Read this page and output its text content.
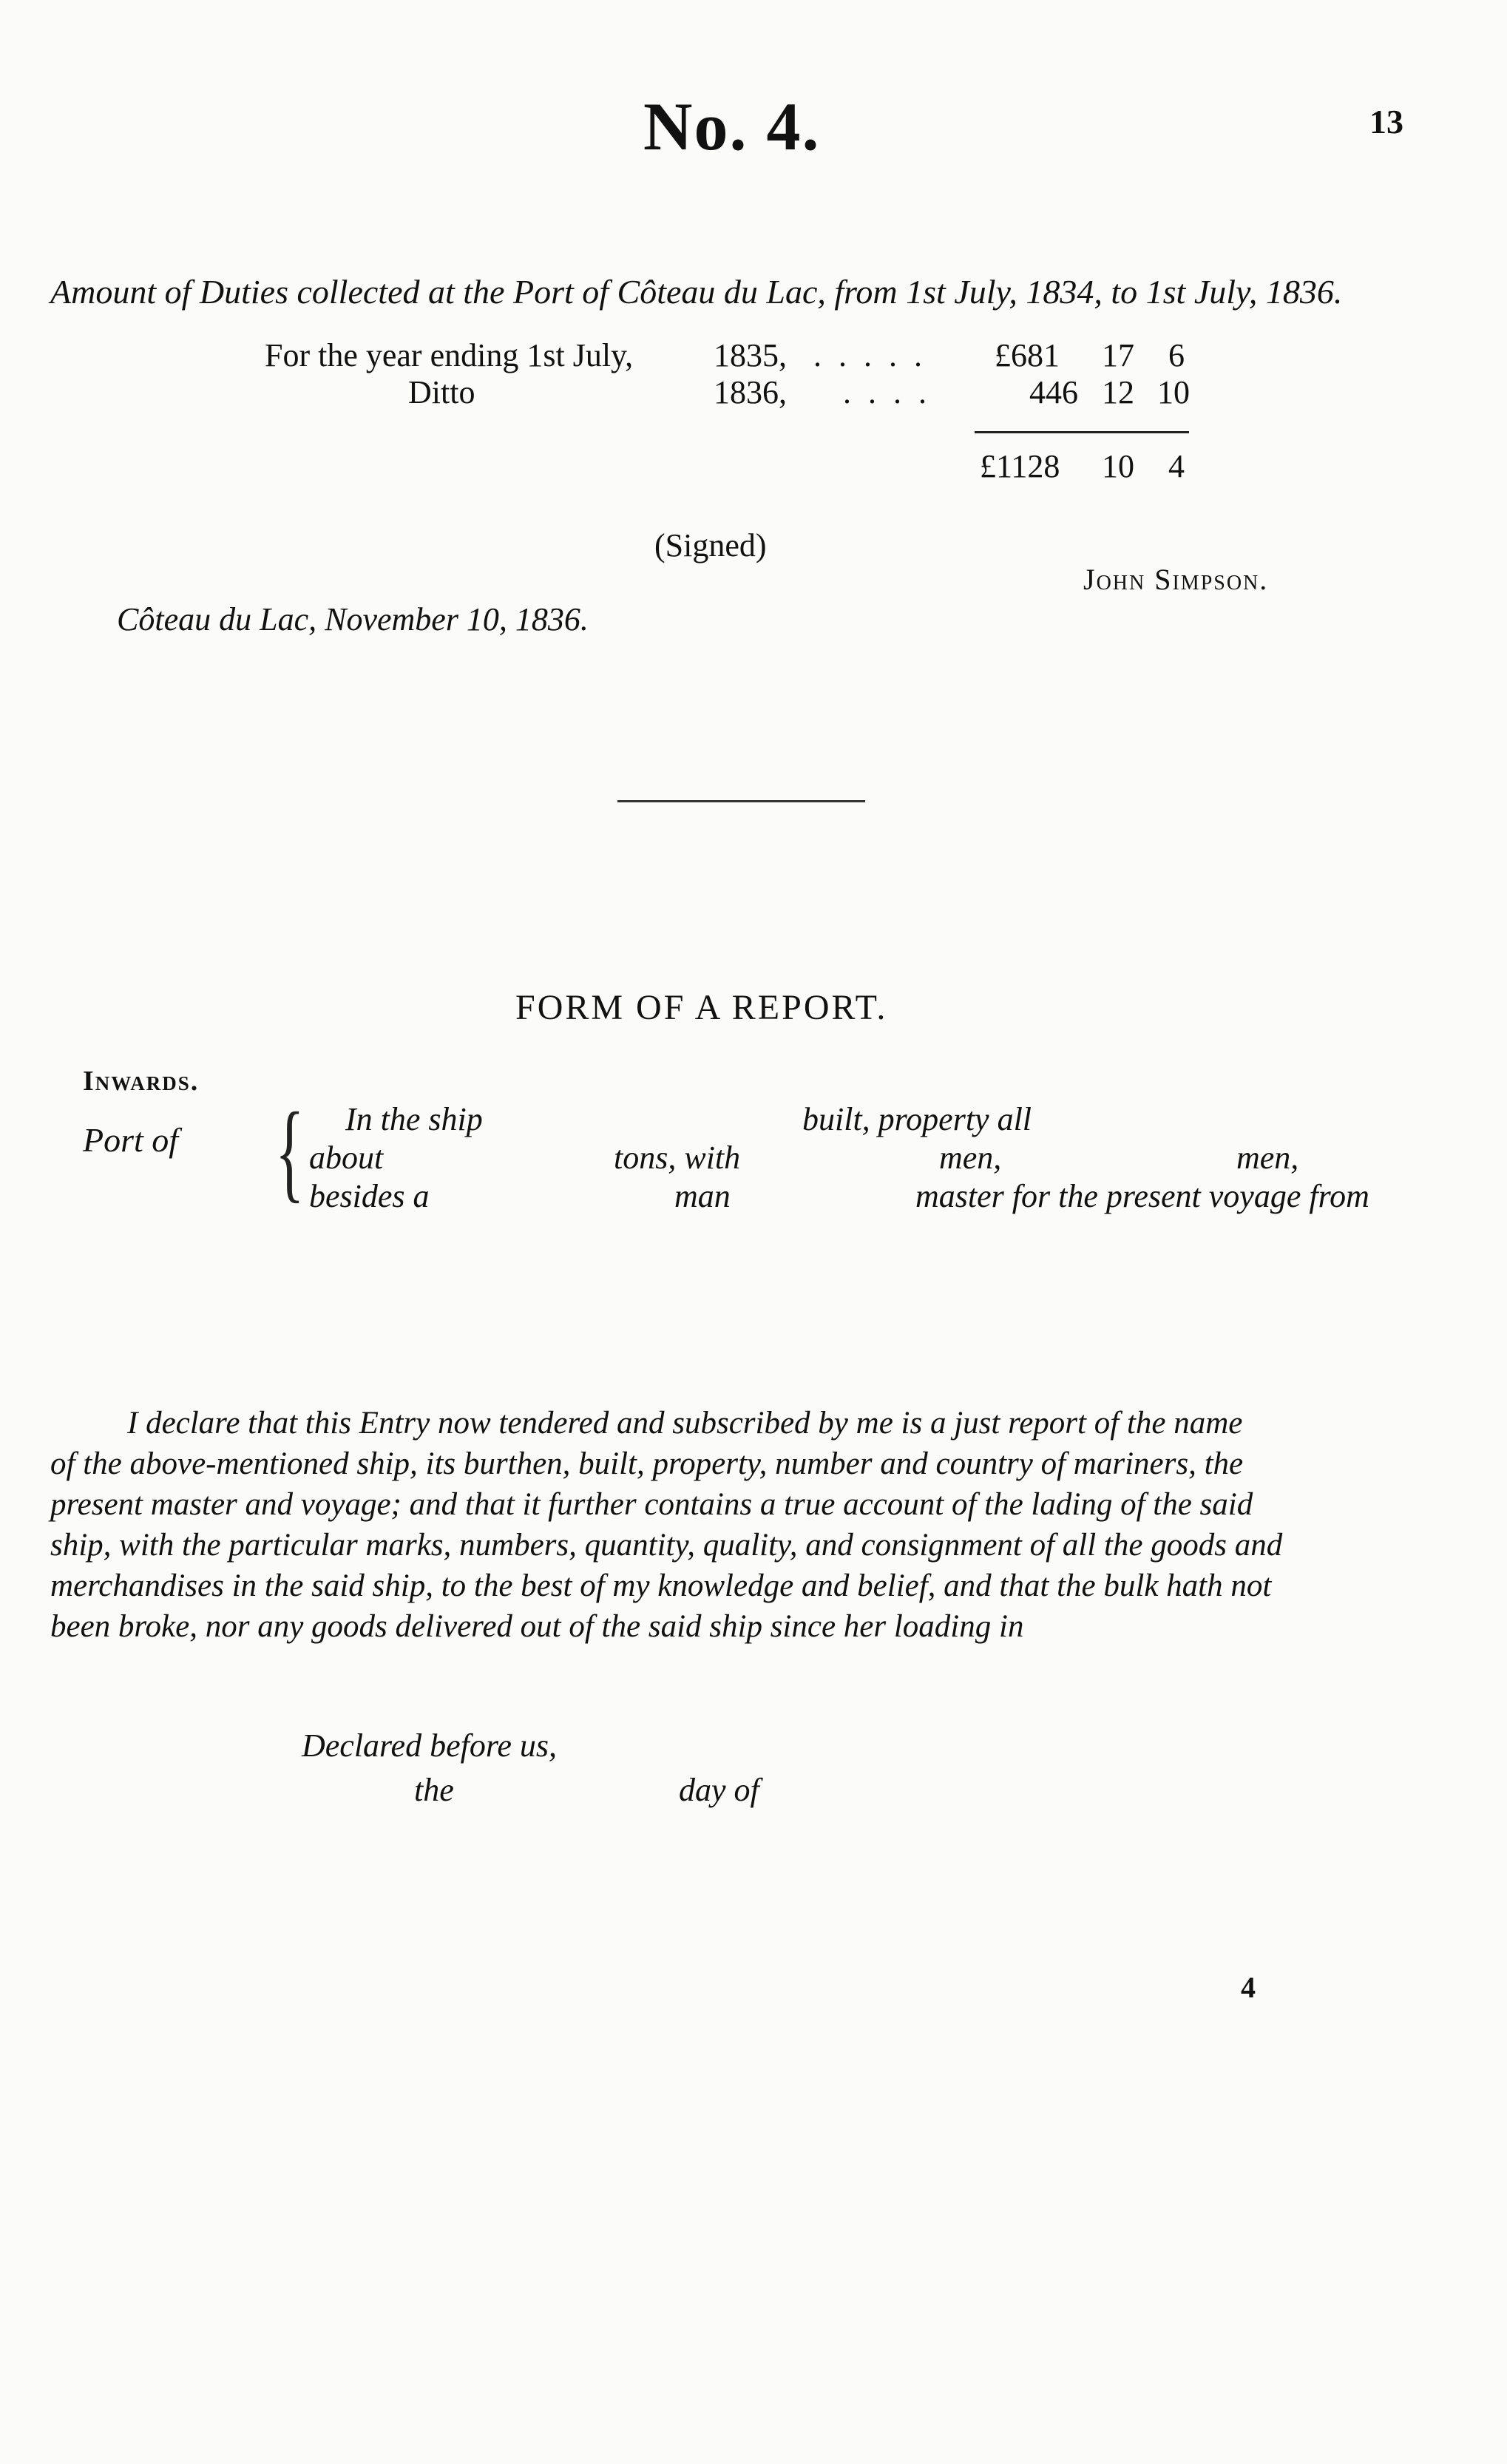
No. 4.	13
Amount of Duties collected at the Port of Côteau du Lac, from 1st July, 1834, to 1st July, 1836.
For the year ending 1st July, 1835, . . . . . £681 17 6
Ditto	1836, . . . .	446 12 10
£1128 10 4
(Signed)
John Simpson.
Côteau du Lac, November 10, 1836.
FORM OF A REPORT.
Inwards.
Port of { In the ship	built, property all
about	tons, with	men,	men,
besides a	man	master for the present voyage from
I declare that this Entry now tendered and subscribed by me is a just report of the name
of the above-mentioned ship, its burthen, built, property, number and country of mariners, the
present master and voyage; and that it further contains a true account of the lading of the said
ship, with the particular marks, numbers, quantity, quality, and consignment of all the goods and
merchandises in the said ship, to the best of my knowledge and belief, and that the bulk hath not
been broke, nor any goods delivered out of the said ship since her loading in
Declared before us,
the	day of
4
